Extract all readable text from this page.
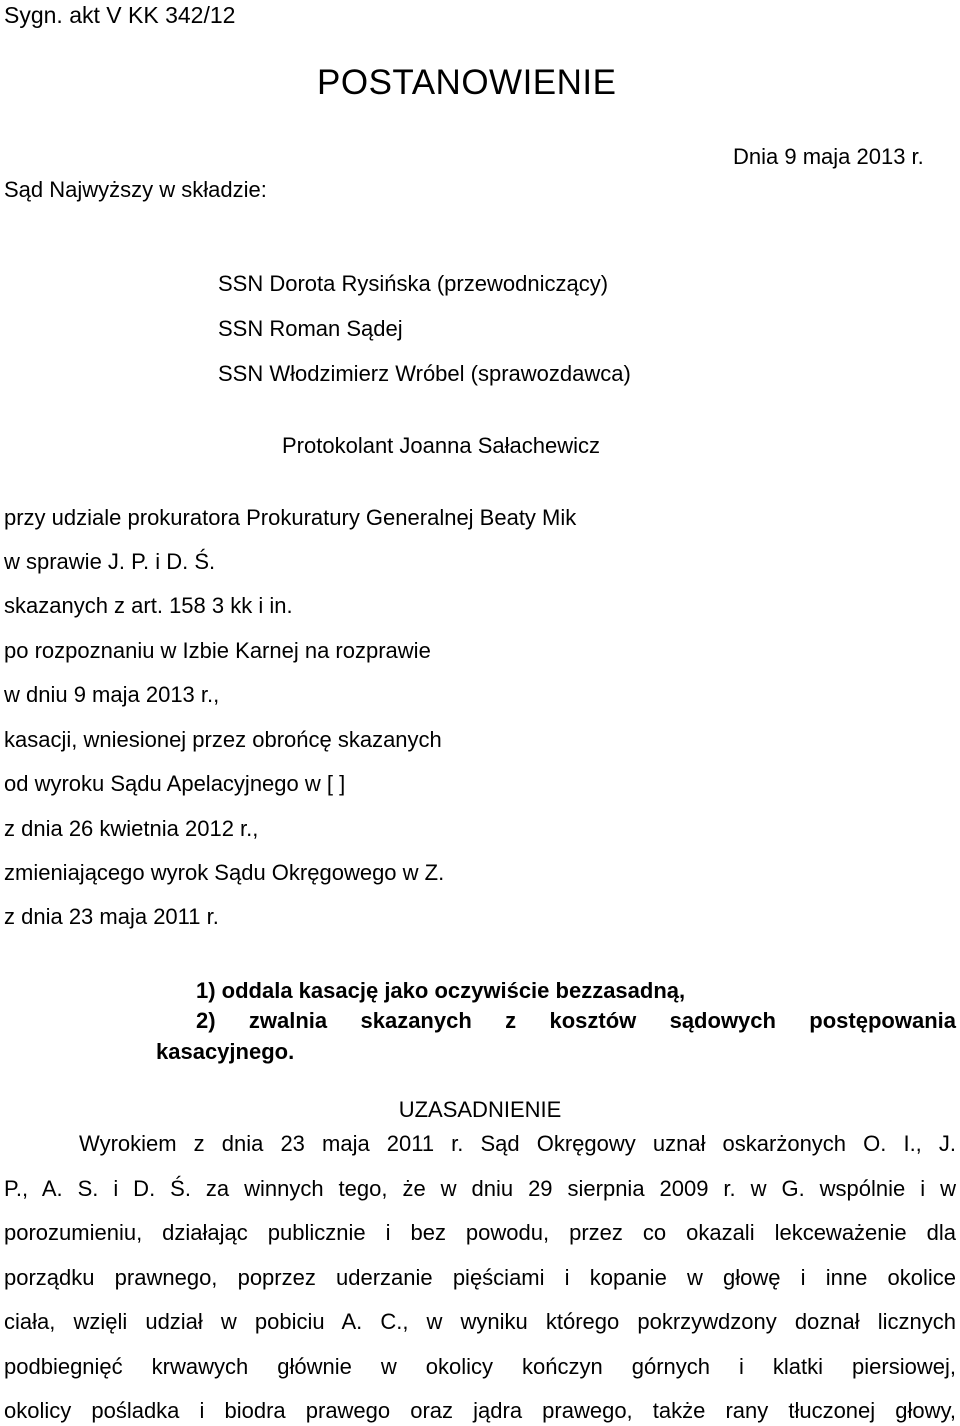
Sygn. akt V KK 342/12
POSTANOWIENIE
Dnia 9 maja 2013 r.
Sąd Najwyższy w składzie:
SSN Dorota Rysińska (przewodniczący)
SSN Roman Sądej
SSN Włodzimierz Wróbel (sprawozdawca)
Protokolant Joanna Sałachewicz
przy udziale prokuratora Prokuratury Generalnej Beaty Mik
w sprawie J. P. i D. Ś.
skazanych z art. 158 3 kk i in.
po rozpoznaniu w Izbie Karnej na rozprawie
w dniu 9 maja 2013 r.,
kasacji, wniesionej przez obrońcę skazanych
od wyroku Sądu Apelacyjnego w [ ]
z dnia 26 kwietnia 2012 r.,
zmieniającego wyrok Sądu Okręgowego w Z.
z dnia 23 maja 2011 r.
1) oddala kasację jako oczywiście bezzasadną,
2) zwalnia skazanych z kosztów sądowych postępowania
kasacyjnego.
UZASADNIENIE
Wyrokiem z dnia 23 maja 2011 r. Sąd Okręgowy uznał oskarżonych O. I., J.
P., A. S. i D. Ś. za winnych tego, że w dniu 29 sierpnia 2009 r. w G. wspólnie i w
porozumieniu, działając publicznie i bez powodu, przez co okazali lekceważenie dla
porządku prawnego, poprzez uderzanie pięściami i kopanie w głowę i inne okolice
ciała, wzięli udział w pobiciu A. C., w wyniku którego pokrzywdzony doznał licznych
podbiegnięć krwawych głównie w okolicy kończyn górnych i klatki piersiowej,
okolicy pośladka i biodra prawego oraz jądra prawego, także rany tłuczonej głowy,
